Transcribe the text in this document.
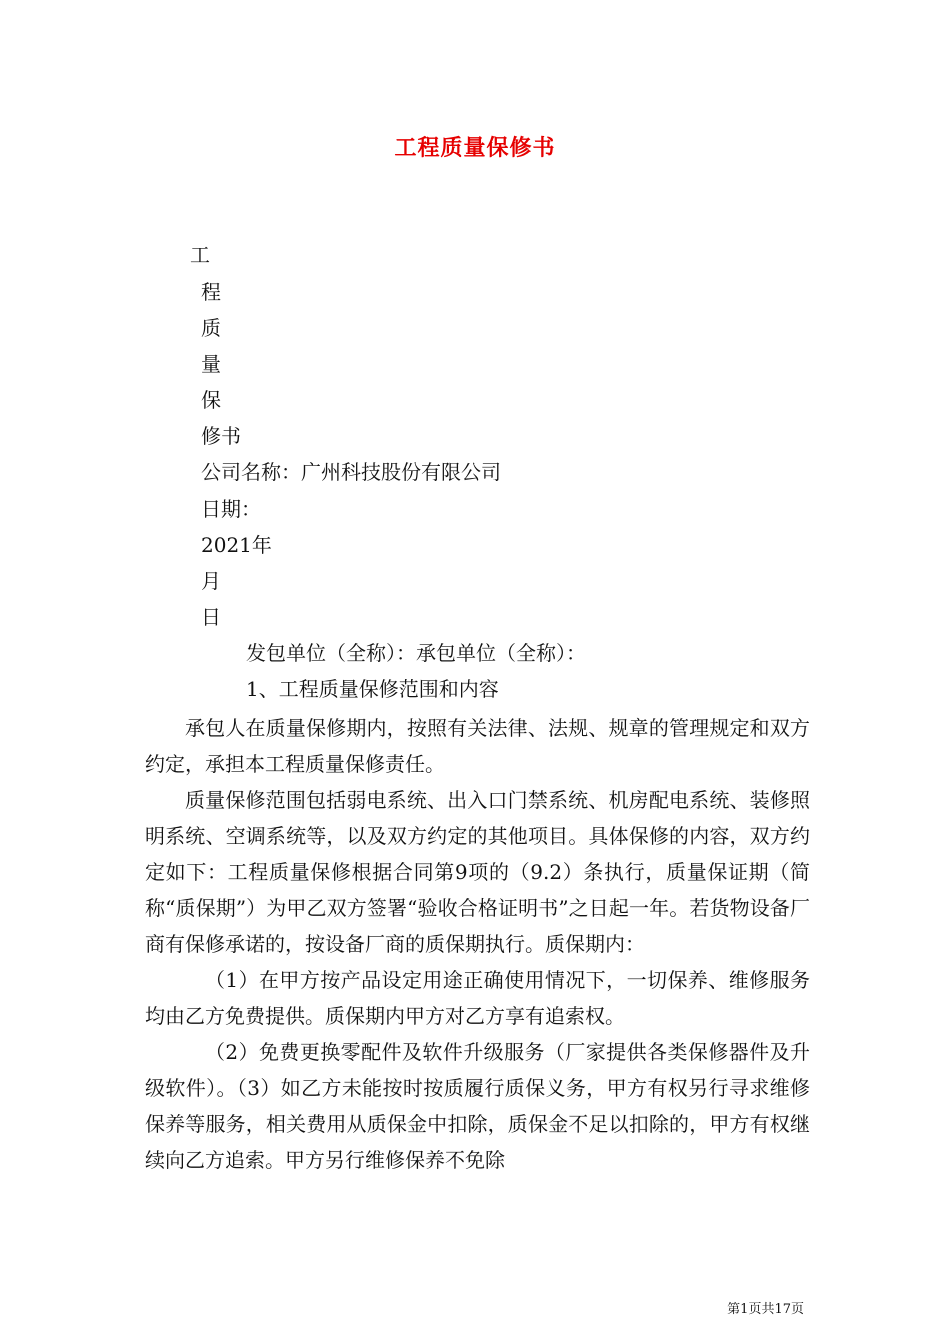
工程质量保修书
工
程
质
量
保
修书
公司名称：广州科技股份有限公司
日期：
2021年
月
日
发包单位（全称）：承包单位（全称）：
1、工程质量保修范围和内容

承包人在质量保修期内，按照有关法律、法规、规章的管理规定和双方约定，承担本工程质量保修责任。

质量保修范围包括弱电系统、出入口门禁系统、机房配电系统、装修照明系统、空调系统等，以及双方约定的其他项目。具体保修的内容，双方约定如下：工程质量保修根据合同第9项的（9.2）条执行，质量保证期（简称“质保期”）为甲乙双方签署“验收合格证明书”之日起一年。若货物设备厂商有保修承诺的，按设备厂商的质保期执行。质保期内：

（1）在甲方按产品设定用途正确使用情况下，一切保养、维修服务均由乙方免费提供。质保期内甲方对乙方享有追索权。

（2）免费更换零配件及软件升级服务（厂家提供各类保修器件及升级软件）。（3）如乙方未能按时按质履行质保义务，甲方有权另行寻求维修保养等服务，相关费用从质保金中扣除，质保金不足以扣除的，甲方有权继续向乙方追索。甲方另行维修保养不免除

第1页共17页
